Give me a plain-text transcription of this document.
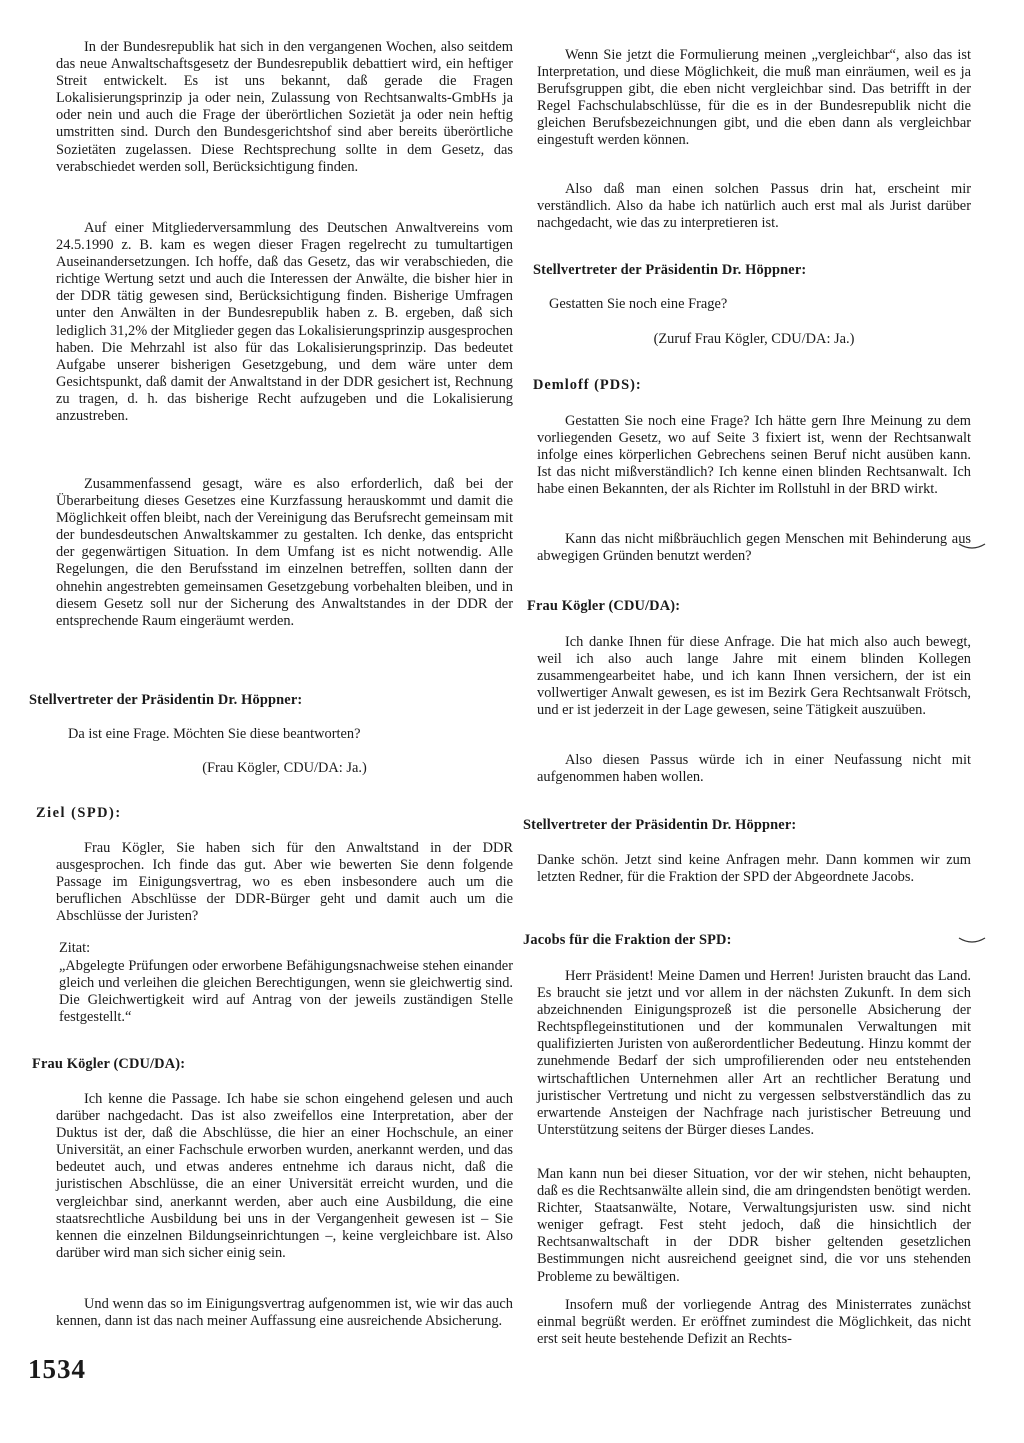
In der Bundesrepublik hat sich in den vergangenen Wochen, also seitdem das neue Anwaltschaftsgesetz der Bundesrepublik debattiert wird, ein heftiger Streit entwickelt. Es ist uns bekannt, daß gerade die Fragen Lokalisierungsprinzip ja oder nein, Zulassung von Rechtsanwalts-GmbHs ja oder nein und auch die Frage der überörtlichen Sozietät ja oder nein heftig umstritten sind. Durch den Bundesgerichtshof sind aber bereits überörtliche Sozietäten zugelassen. Diese Rechtsprechung sollte in dem Gesetz, das verabschiedet werden soll, Berücksichtigung finden.

Auf einer Mitgliederversammlung des Deutschen Anwaltvereins vom 24.5.1990 z. B. kam es wegen dieser Fragen regelrecht zu tumultartigen Auseinandersetzungen. Ich hoffe, daß das Gesetz, das wir verabschieden, die richtige Wertung setzt und auch die Interessen der Anwälte, die bisher hier in der DDR tätig gewesen sind, Berücksichtigung finden. Bisherige Umfragen unter den Anwälten in der Bundesrepublik haben z. B. ergeben, daß sich lediglich 31,2% der Mitglieder gegen das Lokalisierungsprinzip ausgesprochen haben. Die Mehrzahl ist also für das Lokalisierungsprinzip. Das bedeutet Aufgabe unserer bisherigen Gesetzgebung, und dem wäre unter dem Gesichtspunkt, daß damit der Anwaltstand in der DDR gesichert ist, Rechnung zu tragen, d. h. das bisherige Recht aufzugeben und die Lokalisierung anzustreben.

Zusammenfassend gesagt, wäre es also erforderlich, daß bei der Überarbeitung dieses Gesetzes eine Kurzfassung herauskommt und damit die Möglichkeit offen bleibt, nach der Vereinigung das Berufsrecht gemeinsam mit der bundesdeutschen Anwaltskammer zu gestalten. Ich denke, das entspricht der gegenwärtigen Situation. In dem Umfang ist es nicht notwendig. Alle Regelungen, die den Berufsstand im einzelnen betreffen, sollten dann der ohnehin angestrebten gemeinsamen Gesetzgebung vorbehalten bleiben, und in diesem Gesetz soll nur der Sicherung des Anwaltstandes in der DDR der entsprechende Raum eingeräumt werden.

Stellvertreter der Präsidentin Dr. Höppner:

Da ist eine Frage. Möchten Sie diese beantworten?

(Frau Kögler, CDU/DA: Ja.)

Ziel (SPD):

Frau Kögler, Sie haben sich für den Anwaltstand in der DDR ausgesprochen. Ich finde das gut. Aber wie bewerten Sie denn folgende Passage im Einigungsvertrag, wo es eben insbesondere auch um die beruflichen Abschlüsse der DDR-Bürger geht und damit auch um die Abschlüsse der Juristen?

Zitat:

„Abgelegte Prüfungen oder erworbene Befähigungsnachweise stehen einander gleich und verleihen die gleichen Berechtigungen, wenn sie gleichwertig sind. Die Gleichwertigkeit wird auf Antrag von der jeweils zuständigen Stelle festgestellt.“

Frau Kögler (CDU/DA):

Ich kenne die Passage. Ich habe sie schon eingehend gelesen und auch darüber nachgedacht. Das ist also zweifellos eine Interpretation, aber der Duktus ist der, daß die Abschlüsse, die hier an einer Hochschule, an einer Universität, an einer Fachschule erworben wurden, anerkannt werden, und das bedeutet auch, und etwas anderes entnehme ich daraus nicht, daß die juristischen Abschlüsse, die an einer Universität erreicht wurden, und die vergleichbar sind, anerkannt werden, aber auch eine Ausbildung, die eine staatsrechtliche Ausbildung bei uns in der Vergangenheit gewesen ist – Sie kennen die einzelnen Bildungseinrichtungen –, keine vergleichbare ist. Also darüber wird man sich sicher einig sein.

Und wenn das so im Einigungsvertrag aufgenommen ist, wie wir das auch kennen, dann ist das nach meiner Auffassung eine ausreichende Absicherung.

1534

Wenn Sie jetzt die Formulierung meinen „vergleichbar“, also das ist Interpretation, und diese Möglichkeit, die muß man einräumen, weil es ja Berufsgruppen gibt, die eben nicht vergleichbar sind. Das betrifft in der Regel Fachschulabschlüsse, für die es in der Bundesrepublik nicht die gleichen Berufsbezeichnungen gibt, und die eben dann als vergleichbar eingestuft werden können.

Also daß man einen solchen Passus drin hat, erscheint mir verständlich. Also da habe ich natürlich auch erst mal als Jurist darüber nachgedacht, wie das zu interpretieren ist.

Stellvertreter der Präsidentin Dr. Höppner:

Gestatten Sie noch eine Frage?

(Zuruf Frau Kögler, CDU/DA: Ja.)

Demloff (PDS):

Gestatten Sie noch eine Frage? Ich hätte gern Ihre Meinung zu dem vorliegenden Gesetz, wo auf Seite 3 fixiert ist, wenn der Rechtsanwalt infolge eines körperlichen Gebrechens seinen Beruf nicht ausüben kann. Ist das nicht mißverständlich? Ich kenne einen blinden Rechtsanwalt. Ich habe einen Bekannten, der als Richter im Rollstuhl in der BRD wirkt.

Kann das nicht mißbräuchlich gegen Menschen mit Behinderung aus abwegigen Gründen benutzt werden?

Frau Kögler (CDU/DA):

Ich danke Ihnen für diese Anfrage. Die hat mich also auch bewegt, weil ich also auch lange Jahre mit einem blinden Kollegen zusammengearbeitet habe, und ich kann Ihnen versichern, der ist ein vollwertiger Anwalt gewesen, es ist im Bezirk Gera Rechtsanwalt Frötsch, und er ist jederzeit in der Lage gewesen, seine Tätigkeit auszuüben.

Also diesen Passus würde ich in einer Neufassung nicht mit aufgenommen haben wollen.

Stellvertreter der Präsidentin Dr. Höppner:

Danke schön. Jetzt sind keine Anfragen mehr. Dann kommen wir zum letzten Redner, für die Fraktion der SPD der Abgeordnete Jacobs.

Jacobs für die Fraktion der SPD:

Herr Präsident! Meine Damen und Herren! Juristen braucht das Land. Es braucht sie jetzt und vor allem in der nächsten Zukunft. In dem sich abzeichnenden Einigungsprozeß ist die personelle Absicherung der Rechtspflegeinstitutionen und der kommunalen Verwaltungen mit qualifizierten Juristen von außerordentlicher Bedeutung. Hinzu kommt der zunehmende Bedarf der sich umprofilierenden oder neu entstehenden wirtschaftlichen Unternehmen aller Art an rechtlicher Beratung und juristischer Vertretung und nicht zu vergessen selbstverständlich das zu erwartende Ansteigen der Nachfrage nach juristischer Betreuung und Unterstützung seitens der Bürger dieses Landes.

Man kann nun bei dieser Situation, vor der wir stehen, nicht behaupten, daß es die Rechtsanwälte allein sind, die am dringendsten benötigt werden. Richter, Staatsanwälte, Notare, Verwaltungsjuristen usw. sind nicht weniger gefragt. Fest steht jedoch, daß die hinsichtlich der Rechtsanwaltschaft in der DDR bisher geltenden gesetzlichen Bestimmungen nicht ausreichend geeignet sind, die vor uns stehenden Probleme zu bewältigen.

Insofern muß der vorliegende Antrag des Ministerrates zunächst einmal begrüßt werden. Er eröffnet zumindest die Möglichkeit, das nicht erst seit heute bestehende Defizit an Rechts-
